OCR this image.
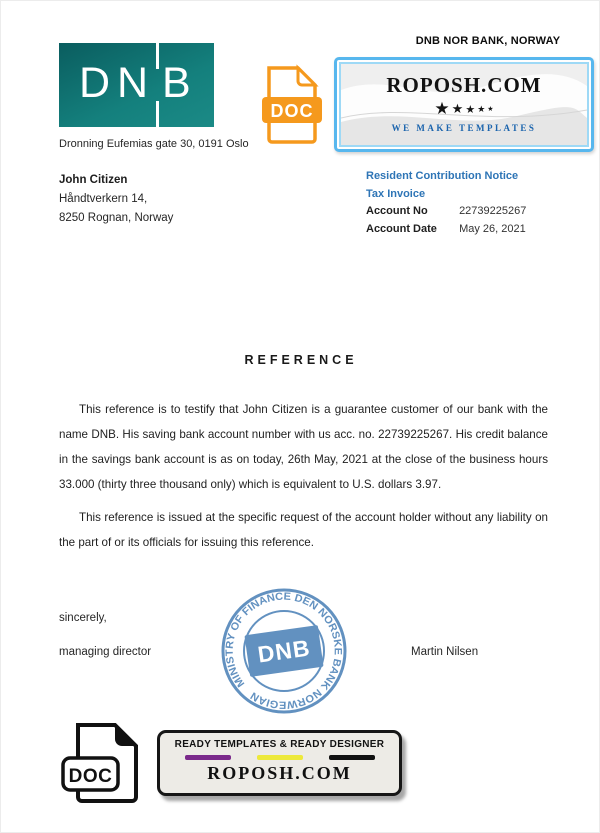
D N B
Dronning Eufemias gate 30, 0191 Oslo
DOC
DNB NOR BANK, NORWAY
ROPOSH.COM
★ ★ ★ ★ ★
WE MAKE TEMPLATES
John Citizen
Håndtverkern 14,
8250 Rognan, Norway
Resident Contribution Notice
Tax Invoice
Account No	22739225267
Account Date May 26, 2021
REFERENCE

This reference is to testify that John Citizen is a guarantee customer of our bank with the name DNB. His saving bank account number with us acc. no. 22739225267. His credit balance in the savings bank account is as on today, 26th May, 2021 at the close of the business hours 33.000 (thirty three thousand only) which is equivalent to U.S. dollars 3.97.

This reference is issued at the specific request of the account holder without any liability on the part of or its officials for issuing this reference.

sincerely,
managing director	Martin Nilsen
MINISTRY OF FINANCE DEN NORSKE BANK NORWEGIAN
DNB
DOC
READY TEMPLATES & READY DESIGNER
ROPOSH.COM
